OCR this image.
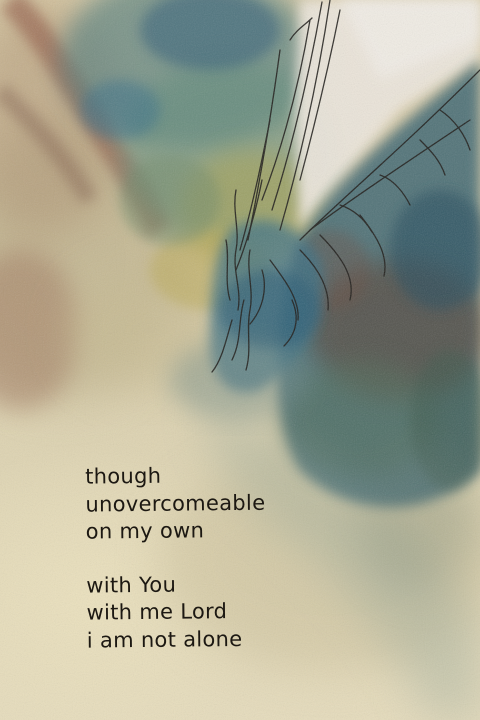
though
unovercomeable
on my own
with You
with me Lord
i am not alone
